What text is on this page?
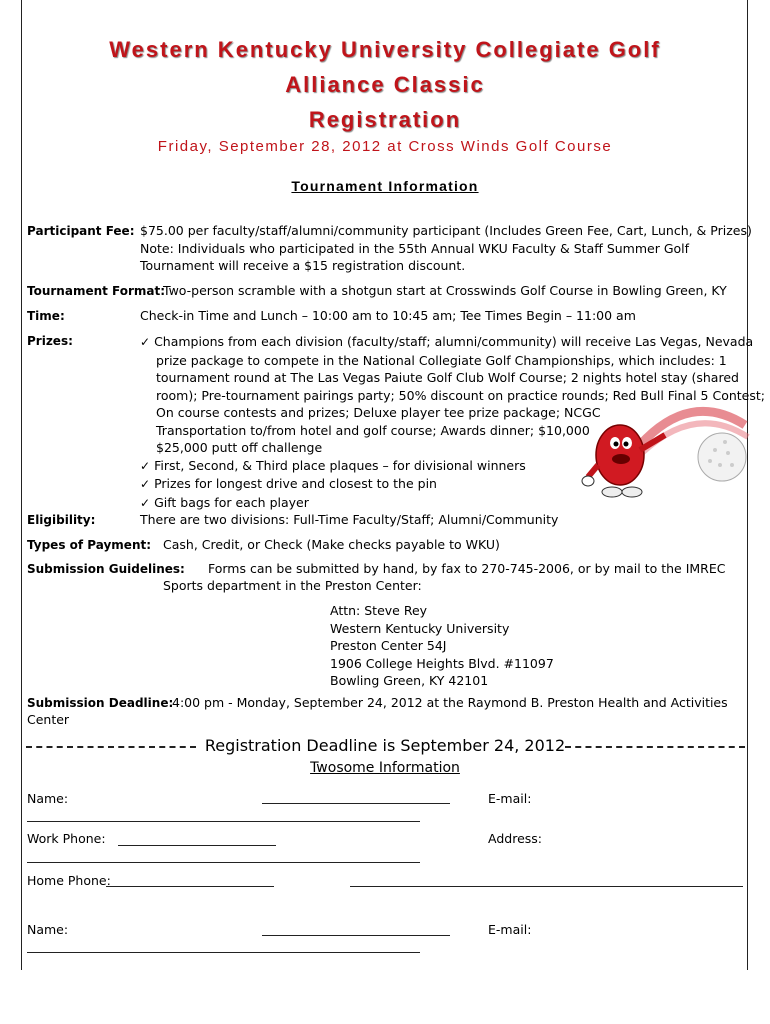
Western Kentucky University Collegiate Golf
Alliance Classic
Registration
Friday, September 28, 2012 at Cross Winds Golf Course
Tournament Information
Participant Fee: $75.00 per faculty/staff/alumni/community participant (Includes Green Fee, Cart, Lunch, & Prizes)
Note: Individuals who participated in the 55th Annual WKU Faculty & Staff Summer Golf
Tournament will receive a $15 registration discount.
Tournament Format:
Two-person scramble with a shotgun start at Crosswinds Golf Course in Bowling Green, KY
Time:	Check-in Time and Lunch – 10:00 am to 10:45 am; Tee Times Begin – 11:00 am
Prizes:	✓ Champions from each division (faculty/staff; alumni/community) will receive Las Vegas, Nevada
prize package to compete in the National Collegiate Golf Championships, which includes: 1
tournament round at The Las Vegas Paiute Golf Club Wolf Course; 2 nights hotel stay (shared
room); Pre-tournament pairings party; 50% discount on practice rounds; Red Bull Final 5 Contest;
On course contests and prizes; Deluxe player tee prize package; NCGC
Transportation to/from hotel and golf course; Awards dinner; $10,000
$25,000 putt off challenge
✓ First, Second, & Third place plaques – for divisional winners
✓ Prizes for longest drive and closest to the pin
✓ Gift bags for each player
Eligibility:	There are two divisions: Full-Time Faculty/Staff; Alumni/Community
Types of Payment: Cash, Credit, or Check (Make checks payable to WKU)
Submission Guidelines: Forms can be submitted by hand, by fax to 270-745-2006, or by mail to the IMREC
Sports department in the Preston Center:
Attn: Steve Rey
Western Kentucky University
Preston Center 54J
1906 College Heights Blvd. #11097
Bowling Green, KY 42101
Submission Deadline:
4:00 pm - Monday, September 24, 2012 at the Raymond B. Preston Health and Activities
Center
Registration Deadline is September 24, 2012
Twosome Information
Name:	E-mail:
Work Phone:	Address:
Home Phone:
Name:	E-mail:
